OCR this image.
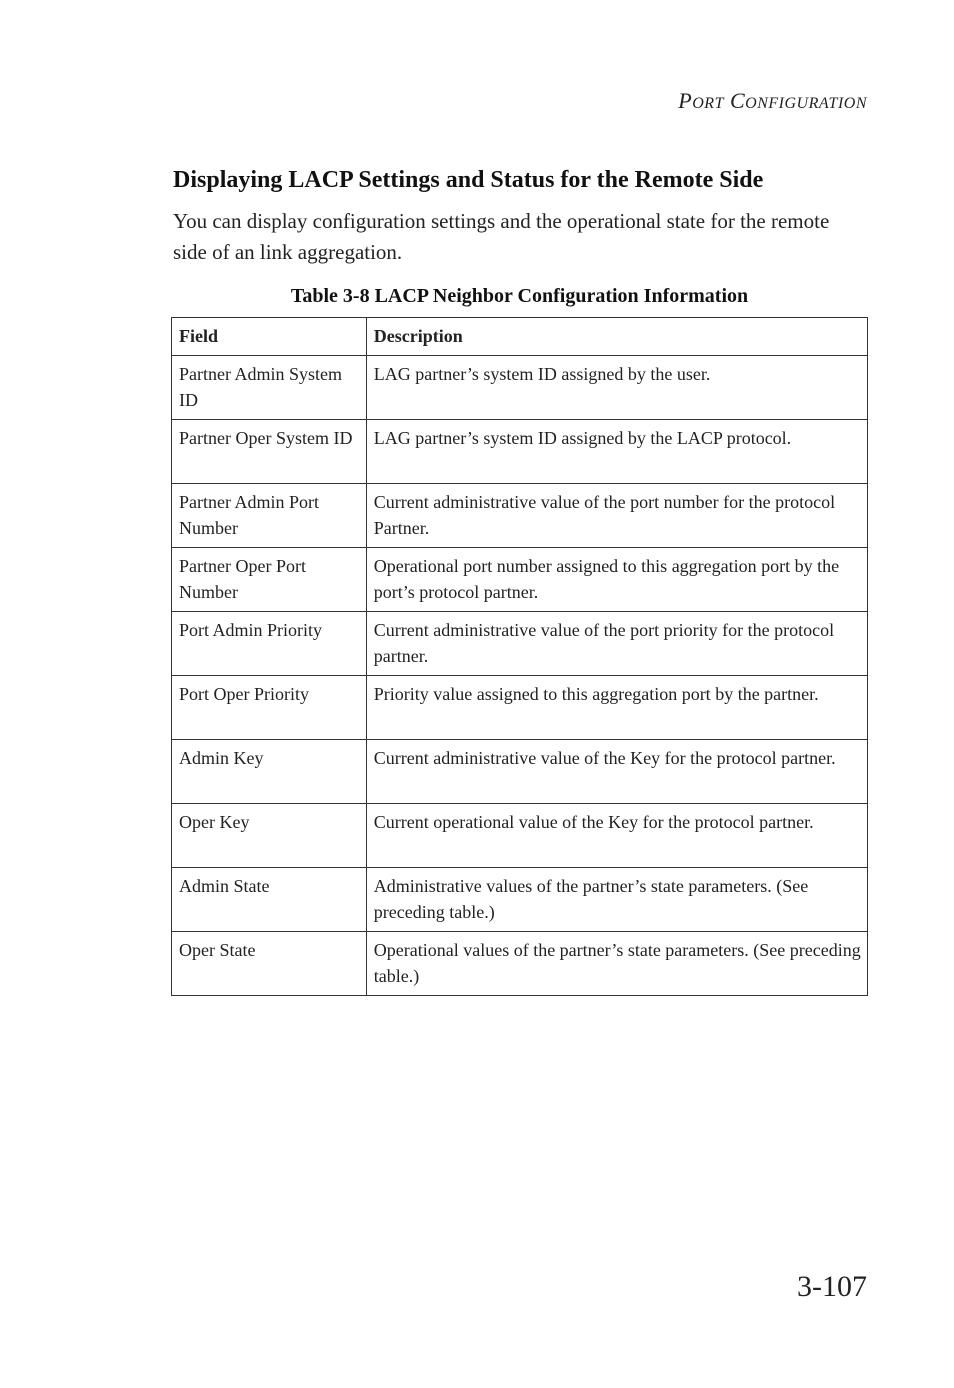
PORT CONFIGURATION
Displaying LACP Settings and Status for the Remote Side

You can display configuration settings and the operational state for the remote side of an link aggregation.

Table 3-8 LACP Neighbor Configuration Information
Field	Description
Partner Admin System ID	LAG partner’s system ID assigned by the user.
Partner Oper System ID	LAG partner’s system ID assigned by the LACP protocol.
Partner Admin Port Number	Current administrative value of the port number for the protocol Partner.
Partner Oper Port Number	Operational port number assigned to this aggregation port by the port’s protocol partner.
Port Admin Priority	Current administrative value of the port priority for the protocol partner.
Port Oper Priority	Priority value assigned to this aggregation port by the partner.
Admin Key	Current administrative value of the Key for the protocol partner.
Oper Key	Current operational value of the Key for the protocol partner.
Admin State	Administrative values of the partner’s state parameters. (See preceding table.)
Oper State	Operational values of the partner’s state parameters. (See preceding table.)
3-107
